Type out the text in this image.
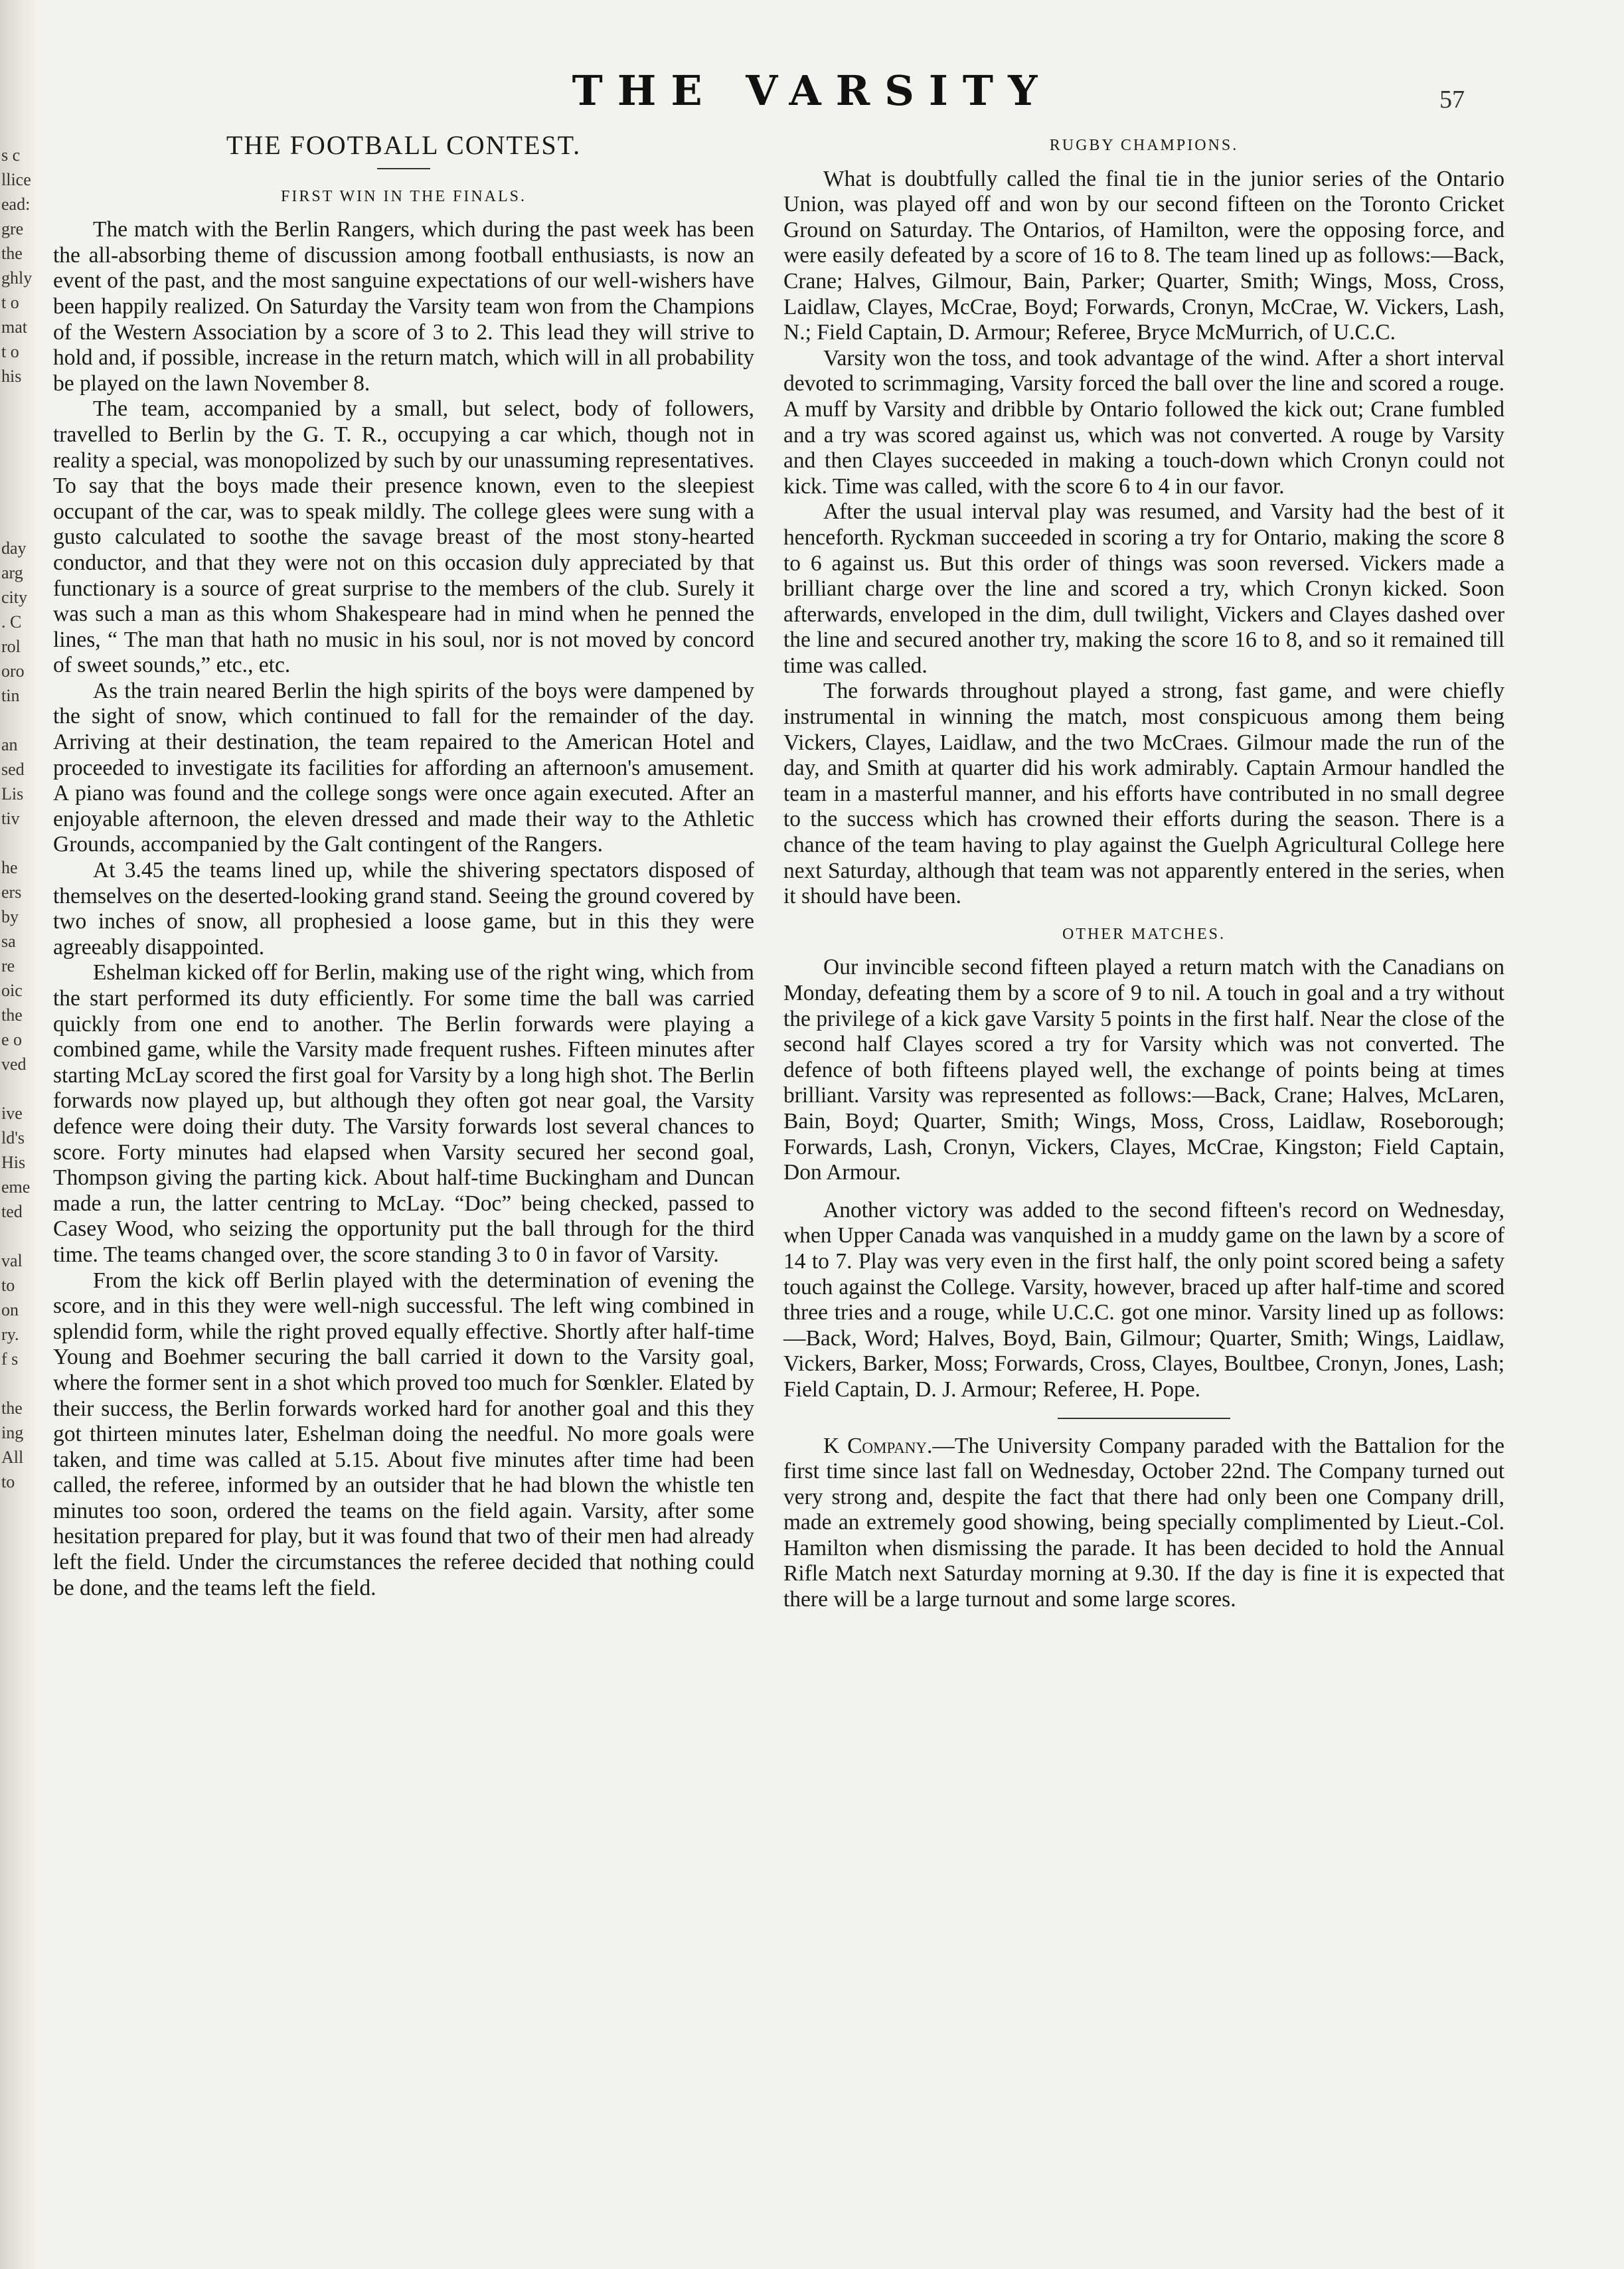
s c
llice
ead:
gre
the
ghly
t o
mat
t o
his

day
arg
city
. C
rol
oro
tin

an
sed
Lis
tiv

he
ers
by
sa
re
oic
the
e o
ved

ive
ld's
His
eme
ted

val
to
on
ry.
f s

the
ing
All
to
THE VARSITY	57
THE FOOTBALL CONTEST.
FIRST WIN IN THE FINALS.

The match with the Berlin Rangers, which during the past week has been the all-absorbing theme of discussion among football enthusiasts, is now an event of the past, and the most sanguine expectations of our well-wishers have been happily realized. On Saturday the Varsity team won from the Champions of the Western Association by a score of 3 to 2. This lead they will strive to hold and, if possible, increase in the return match, which will in all probability be played on the lawn November 8.

The team, accompanied by a small, but select, body of followers, travelled to Berlin by the G. T. R., occupying a car which, though not in reality a special, was monopolized by such by our unassuming representatives. To say that the boys made their presence known, even to the sleepiest occupant of the car, was to speak mildly. The college glees were sung with a gusto calculated to soothe the savage breast of the most stony-hearted conductor, and that they were not on this occasion duly appreciated by that functionary is a source of great surprise to the members of the club. Surely it was such a man as this whom Shakespeare had in mind when he penned the lines, “ The man that hath no music in his soul, nor is not moved by concord of sweet sounds,” etc., etc.

As the train neared Berlin the high spirits of the boys were dampened by the sight of snow, which continued to fall for the remainder of the day. Arriving at their destination, the team repaired to the American Hotel and proceeded to investigate its facilities for affording an afternoon's amusement. A piano was found and the college songs were once again executed. After an enjoyable afternoon, the eleven dressed and made their way to the Athletic Grounds, accompanied by the Galt contingent of the Rangers.

At 3.45 the teams lined up, while the shivering spectators disposed of themselves on the deserted-looking grand stand. Seeing the ground covered by two inches of snow, all prophesied a loose game, but in this they were agreeably disappointed.

Eshelman kicked off for Berlin, making use of the right wing, which from the start performed its duty efficiently. For some time the ball was carried quickly from one end to another. The Berlin forwards were playing a combined game, while the Varsity made frequent rushes. Fifteen minutes after starting McLay scored the first goal for Varsity by a long high shot. The Berlin forwards now played up, but although they often got near goal, the Varsity defence were doing their duty. The Varsity forwards lost several chances to score. Forty minutes had elapsed when Varsity secured her second goal, Thompson giving the parting kick. About half-time Buckingham and Duncan made a run, the latter centring to McLay. “Doc” being checked, passed to Casey Wood, who seizing the opportunity put the ball through for the third time. The teams changed over, the score standing 3 to 0 in favor of Varsity.

From the kick off Berlin played with the determination of evening the score, and in this they were well-nigh successful. The left wing combined in splendid form, while the right proved equally effective. Shortly after half-time Young and Boehmer securing the ball carried it down to the Varsity goal, where the former sent in a shot which proved too much for Sœnkler. Elated by their success, the Berlin forwards worked hard for another goal and this they got thirteen minutes later, Eshelman doing the needful. No more goals were taken, and time was called at 5.15. About five minutes after time had been called, the referee, informed by an outsider that he had blown the whistle ten minutes too soon, ordered the teams on the field again. Varsity, after some hesitation prepared for play, but it was found that two of their men had already left the field. Under the circumstances the referee decided that nothing could be done, and the teams left the field.

RUGBY CHAMPIONS.

What is doubtfully called the final tie in the junior series of the Ontario Union, was played off and won by our second fifteen on the Toronto Cricket Ground on Saturday. The Ontarios, of Hamilton, were the opposing force, and were easily defeated by a score of 16 to 8. The team lined up as follows:—Back, Crane; Halves, Gilmour, Bain, Parker; Quarter, Smith; Wings, Moss, Cross, Laidlaw, Clayes, McCrae, Boyd; Forwards, Cronyn, McCrae, W. Vickers, Lash, N.; Field Captain, D. Armour; Referee, Bryce McMurrich, of U.C.C.

Varsity won the toss, and took advantage of the wind. After a short interval devoted to scrimmaging, Varsity forced the ball over the line and scored a rouge. A muff by Varsity and dribble by Ontario followed the kick out; Crane fumbled and a try was scored against us, which was not converted. A rouge by Varsity and then Clayes succeeded in making a touch-down which Cronyn could not kick. Time was called, with the score 6 to 4 in our favor.

After the usual interval play was resumed, and Varsity had the best of it henceforth. Ryckman succeeded in scoring a try for Ontario, making the score 8 to 6 against us. But this order of things was soon reversed. Vickers made a brilliant charge over the line and scored a try, which Cronyn kicked. Soon afterwards, enveloped in the dim, dull twilight, Vickers and Clayes dashed over the line and secured another try, making the score 16 to 8, and so it remained till time was called.

The forwards throughout played a strong, fast game, and were chiefly instrumental in winning the match, most conspicuous among them being Vickers, Clayes, Laidlaw, and the two McCraes. Gilmour made the run of the day, and Smith at quarter did his work admirably. Captain Armour handled the team in a masterful manner, and his efforts have contributed in no small degree to the success which has crowned their efforts during the season. There is a chance of the team having to play against the Guelph Agricultural College here next Saturday, although that team was not apparently entered in the series, when it should have been.

OTHER MATCHES.

Our invincible second fifteen played a return match with the Canadians on Monday, defeating them by a score of 9 to nil. A touch in goal and a try without the privilege of a kick gave Varsity 5 points in the first half. Near the close of the second half Clayes scored a try for Varsity which was not converted. The defence of both fifteens played well, the exchange of points being at times brilliant. Varsity was represented as follows:—Back, Crane; Halves, McLaren, Bain, Boyd; Quarter, Smith; Wings, Moss, Cross, Laidlaw, Roseborough; Forwards, Lash, Cronyn, Vickers, Clayes, McCrae, Kingston; Field Captain, Don Armour.

Another victory was added to the second fifteen's record on Wednesday, when Upper Canada was vanquished in a muddy game on the lawn by a score of 14 to 7. Play was very even in the first half, the only point scored being a safety touch against the College. Varsity, however, braced up after half-time and scored three tries and a rouge, while U.C.C. got one minor. Varsity lined up as follows:—Back, Word; Halves, Boyd, Bain, Gilmour; Quarter, Smith; Wings, Laidlaw, Vickers, Barker, Moss; Forwards, Cross, Clayes, Boultbee, Cronyn, Jones, Lash; Field Captain, D. J. Armour; Referee, H. Pope.

K Company.—The University Company paraded with the Battalion for the first time since last fall on Wednesday, October 22nd. The Company turned out very strong and, despite the fact that there had only been one Company drill, made an extremely good showing, being specially complimented by Lieut.-Col. Hamilton when dismissing the parade. It has been decided to hold the Annual Rifle Match next Saturday morning at 9.30. If the day is fine it is expected that there will be a large turnout and some large scores.
